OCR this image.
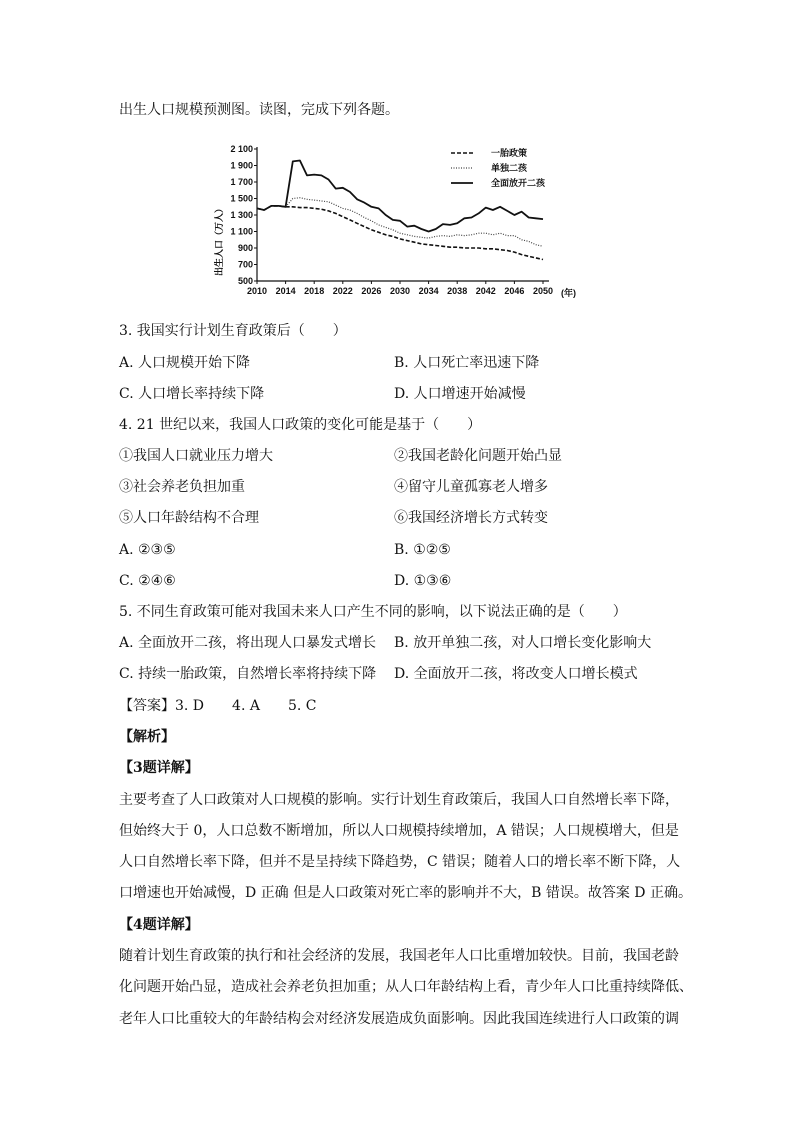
出生人口规模预测图。读图，完成下列各题。
2 100
1 900
1 700
1 500
1 300
1 100
900
700
500
2010 2014 2018 2022 2026 2030 2034 2038 2042 2046 2050
出生人口（万人）
(年)
一胎政策
单独二孩
全面放开二孩
3. 我国实行计划生育政策后（　　）
A. 人口规模开始下降	B. 人口死亡率迅速下降
C. 人口增长率持续下降	D. 人口增速开始减慢
4. 21 世纪以来，我国人口政策的变化可能是基于（　　）
①我国人口就业压力增大	②我国老龄化问题开始凸显
③社会养老负担加重	④留守儿童孤寡老人增多
⑤人口年龄结构不合理	⑥我国经济增长方式转变
A. ②③⑤	B. ①②⑤
C. ②④⑥	D. ①③⑥
5. 不同生育政策可能对我国未来人口产生不同的影响，以下说法正确的是（　　）
A. 全面放开二孩，将出现人口暴发式增长 B. 放开单独二孩，对人口增长变化影响大
C. 持续一胎政策，自然增长率将持续下降 D. 全面放开二孩，将改变人口增长模式
【答案】3. D　　4. A　　5. C
【解析】
【3题详解】
主要考查了人口政策对人口规模的影响。实行计划生育政策后，我国人口自然增长率下降，
但始终大于 0，人口总数不断增加，所以人口规模持续增加，A 错误；人口规模增大，但是
人口自然增长率下降，但并不是呈持续下降趋势，C 错误；随着人口的增长率不断下降，人
口增速也开始减慢，D 正确 但是人口政策对死亡率的影响并不大，B 错误。故答案 D 正确。
【4题详解】
随着计划生育政策的执行和社会经济的发展，我国老年人口比重增加较快。目前，我国老龄
化问题开始凸显，造成社会养老负担加重；从人口年龄结构上看，青少年人口比重持续降低、
老年人口比重较大的年龄结构会对经济发展造成负面影响。因此我国连续进行人口政策的调
